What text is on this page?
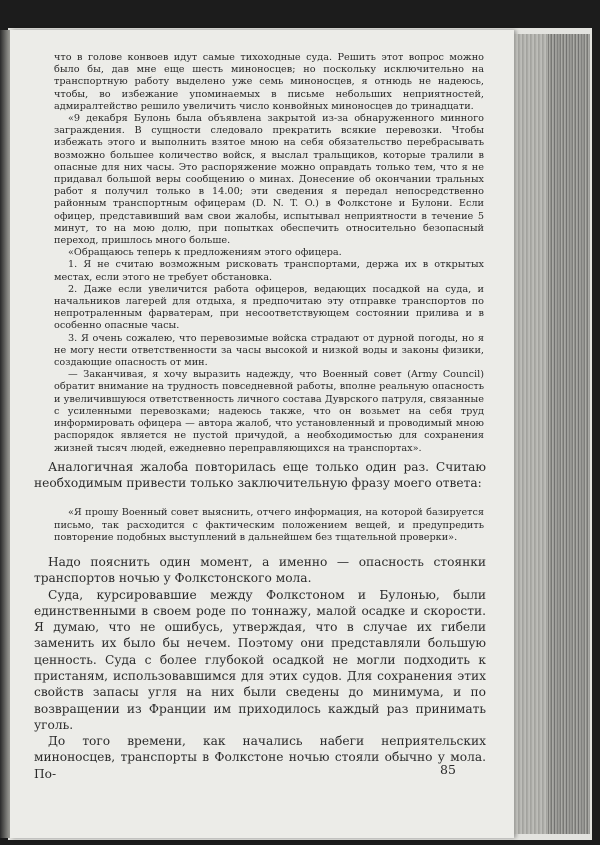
что в голове конвоев идут самые тихоходные суда. Решить этот вопрос можно было бы, дав мне еще шесть миноносцев; но поскольку исключительно на транспортную работу выделено уже семь миноносцев, я отнюдь не надеюсь, чтобы, во избежание упоминаемых в письме небольших неприятностей, адмиралтейство решило увеличить число конвойных миноносцев до тринадцати.

«9 декабря Булонь была объявлена закрытой из-за обнаруженного минного заграждения. В сущности следовало прекратить всякие перевозки. Чтобы избежать этого и выполнить взятое мною на себя обязательство перебрасывать возможно большее количество войск, я выслал тральщиков, которые тралили в опасные для них часы. Это распоряжение можно оправдать только тем, что я не придавал большой веры сообщению о минах. Донесение об окончании тральных работ я получил только в 14.00; эти сведения я передал непосредственно районным транспортным офицерам (D. N. T. O.) в Фолкстоне и Булони. Если офицер, представивший вам свои жалобы, испытывал неприятности в течение 5 минут, то на мою долю, при попытках обеспечить относительно безопасный переход, пришлось много больше.

«Обращаюсь теперь к предложениям этого офицера.

1. Я не считаю возможным рисковать транспортами, держа их в открытых местах, если этого не требует обстановка.

2. Даже если увеличится работа офицеров, ведающих посадкой на суда, и начальников лагерей для отдыха, я предпочитаю эту отправке транспортов по непротраленным фарватерам, при несоответствующем состоянии прилива и в особенно опасные часы.

3. Я очень сожалею, что перевозимые войска страдают от дурной погоды, но я не могу нести ответственности за часы высокой и низкой воды и законы физики, создающие опасность от мин.

— Заканчивая, я хочу выразить надежду, что Военный совет (Army Council) обратит внимание на трудность повседневной работы, вполне реальную опасность и увеличившуюся ответственность личного состава Дуврского патруля, связанные с усиленными перевозками; надеюсь также, что он возьмет на себя труд информировать офицера — автора жалоб, что установленный и проводимый мною распорядок является не пустой причудой, а необходимостью для сохранения жизней тысяч людей, ежедневно переправляющихся на транспортах».

Аналогичная жалоба повторилась еще только один раз. Считаю необходимым привести только заключительную фразу моего ответа:

«Я прошу Военный совет выяснить, отчего информация, на которой базируется письмо, так расходится с фактическим положением вещей, и предупредить повторение подобных выступлений в дальнейшем без тщательной проверки».

Надо пояснить один момент, а именно — опасность стоянки транспортов ночью у Фолкстонского мола.

Суда, курсировавшие между Фолкстоном и Булонью, были единственными в своем роде по тоннажу, малой осадке и скорости. Я думаю, что не ошибусь, утверждая, что в случае их гибели заменить их было бы нечем. Поэтому они представляли большую ценность. Суда с более глубокой осадкой не могли подходить к пристаням, использовавшимся для этих судов. Для сохранения этих свойств запасы угля на них были сведены до минимума, и по возвращении из Франции им приходилось каждый раз принимать уголь.

До того времени, как начались набеги неприятельских миноносцев, транспорты в Фолкстоне ночью стояли обычно у мола. По-	85
